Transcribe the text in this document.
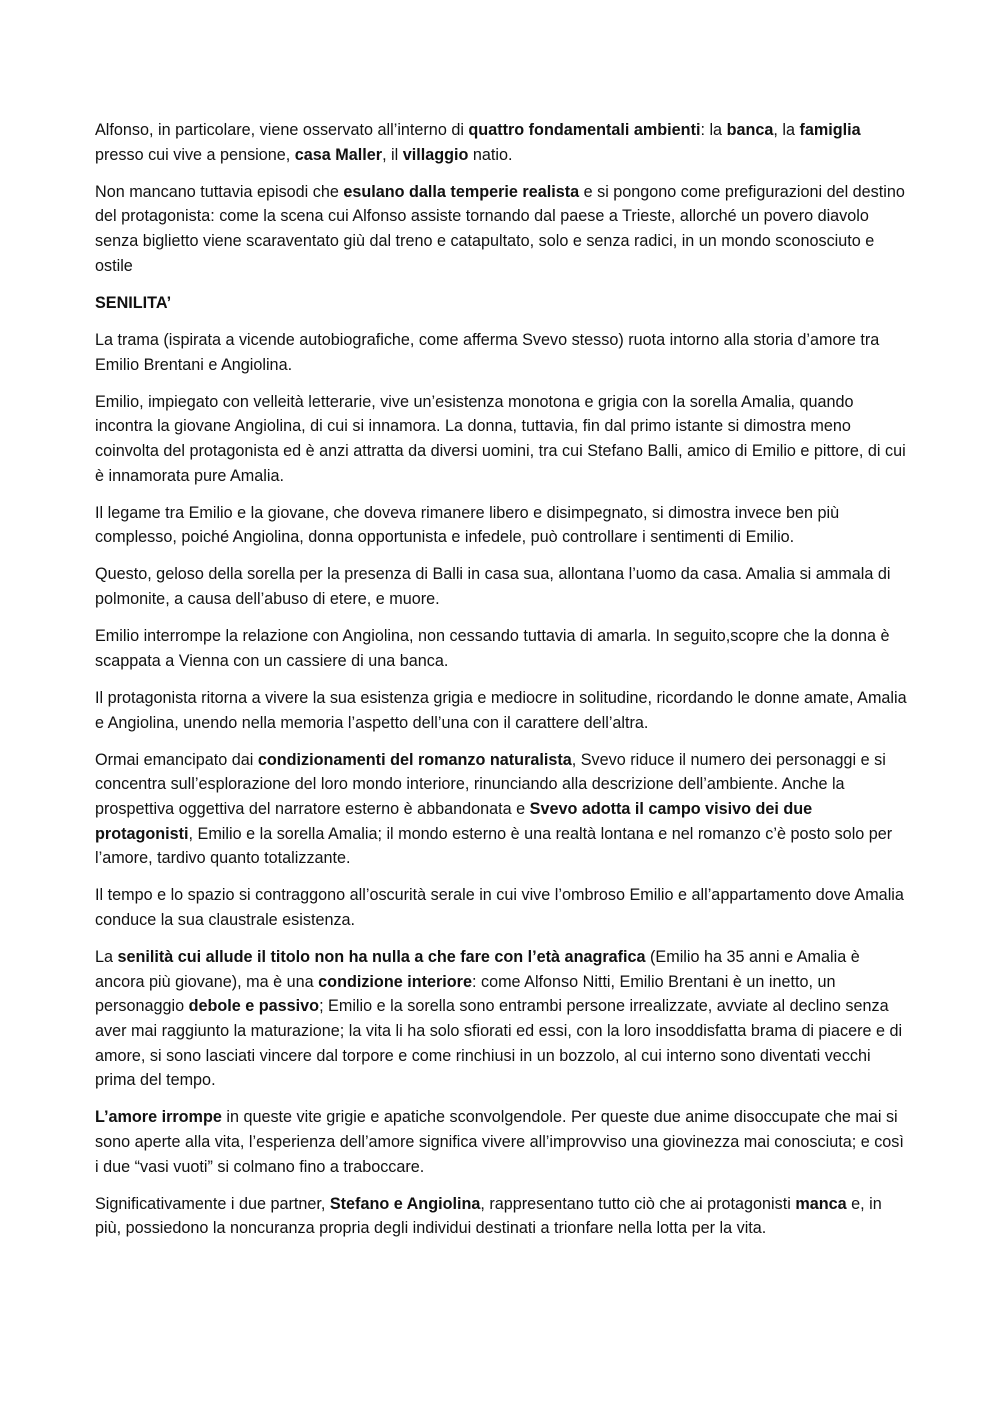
Alfonso, in particolare, viene osservato all’interno di quattro fondamentali ambienti: la banca, la famiglia presso cui vive a pensione, casa Maller, il villaggio natio.

Non mancano tuttavia episodi che esulano dalla temperie realista e si pongono come prefigurazioni del destino del protagonista: come la scena cui Alfonso assiste tornando dal paese a Trieste, allorché un povero diavolo senza biglietto viene scaraventato giù dal treno e catapultato, solo e senza radici, in un mondo sconosciuto e ostile

SENILITA’

La trama (ispirata a vicende autobiografiche, come afferma Svevo stesso) ruota intorno alla storia d’amore tra Emilio Brentani e Angiolina.

Emilio, impiegato con velleità letterarie, vive un’esistenza monotona e grigia con la sorella Amalia, quando incontra la giovane Angiolina, di cui si innamora. La donna, tuttavia, fin dal primo istante si dimostra meno coinvolta del protagonista ed è anzi attratta da diversi uomini, tra cui Stefano Balli, amico di Emilio e pittore, di cui è innamorata pure Amalia.

Il legame tra Emilio e la giovane, che doveva rimanere libero e disimpegnato, si dimostra invece ben più complesso, poiché Angiolina, donna opportunista e infedele, può controllare i sentimenti di Emilio.

Questo, geloso della sorella per la presenza di Balli in casa sua, allontana l’uomo da casa. Amalia si ammala di polmonite, a causa dell’abuso di etere, e muore.

Emilio interrompe la relazione con Angiolina, non cessando tuttavia di amarla. In seguito,scopre che la donna è scappata a Vienna con un cassiere di una banca.

Il protagonista ritorna a vivere la sua esistenza grigia e mediocre in solitudine, ricordando le donne amate, Amalia e Angiolina, unendo nella memoria l’aspetto dell’una con il carattere dell’altra.

Ormai emancipato dai condizionamenti del romanzo naturalista, Svevo riduce il numero dei personaggi e si concentra sull’esplorazione del loro mondo interiore, rinunciando alla descrizione dell’ambiente. Anche la prospettiva oggettiva del narratore esterno è abbandonata e Svevo adotta il campo visivo dei due protagonisti, Emilio e la sorella Amalia; il mondo esterno è una realtà lontana e nel romanzo c’è posto solo per l’amore, tardivo quanto totalizzante.

Il tempo e lo spazio si contraggono all’oscurità serale in cui vive l’ombroso Emilio e all’appartamento dove Amalia conduce la sua claustrale esistenza.

La senilità cui allude il titolo non ha nulla a che fare con l’età anagrafica (Emilio ha 35 anni e Amalia è ancora più giovane), ma è una condizione interiore: come Alfonso Nitti, Emilio Brentani è un inetto, un personaggio debole e passivo; Emilio e la sorella sono entrambi persone irrealizzate, avviate al declino senza aver mai raggiunto la maturazione; la vita li ha solo sfiorati ed essi, con la loro insoddisfatta brama di piacere e di amore, si sono lasciati vincere dal torpore e come rinchiusi in un bozzolo, al cui interno sono diventati vecchi prima del tempo.

L’amore irrompe in queste vite grigie e apatiche sconvolgendole. Per queste due anime disoccupate che mai si sono aperte alla vita, l’esperienza dell’amore significa vivere all’improvviso una giovinezza mai conosciuta; e così i due “vasi vuoti” si colmano fino a traboccare.

Significativamente i due partner, Stefano e Angiolina, rappresentano tutto ciò che ai protagonisti manca e, in più, possiedono la noncuranza propria degli individui destinati a trionfare nella lotta per la vita.
